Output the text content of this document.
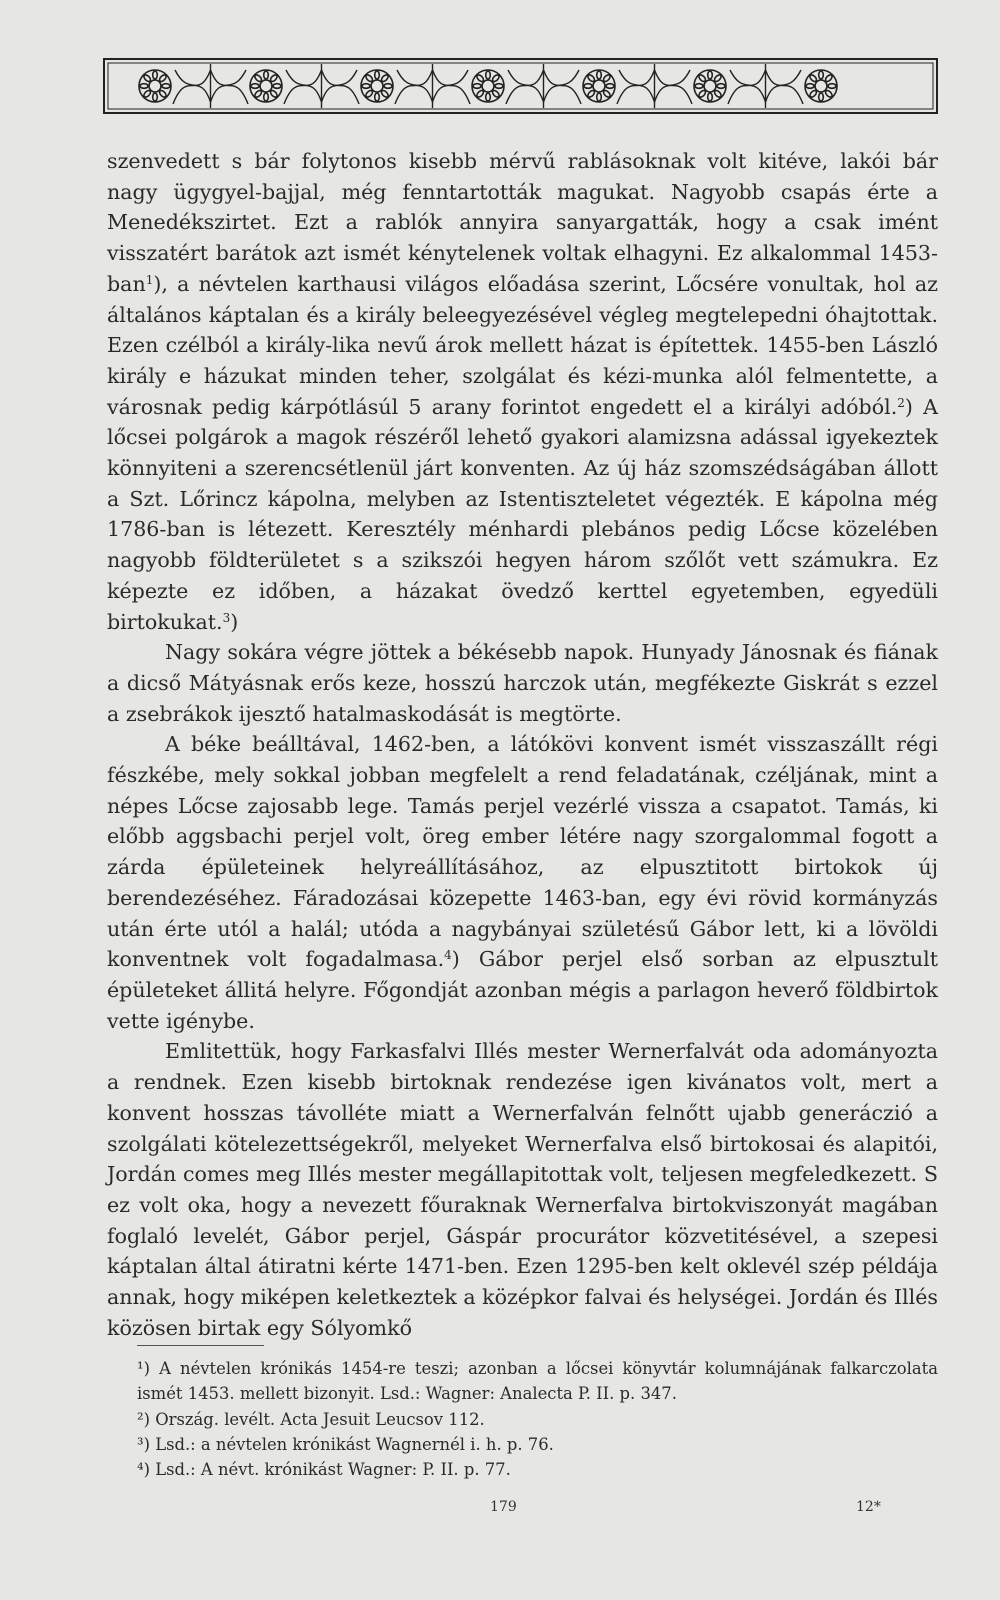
szenvedett s bár folytonos kisebb mérvű rablásoknak volt kitéve, lakói bár nagy ügygyel-bajjal, még fenntartották magukat. Nagyobb csapás érte a Menedékszirtet. Ezt a rablók annyira sanyargatták, hogy a csak imént visszatért barátok azt ismét kénytelenek voltak elhagyni. Ez alkalommal 1453-ban$^1$), a névtelen karthausi világos előadása szerint, Lőcsére vonultak, hol az általános káptalan és a király beleegyezésével végleg megtelepedni óhajtottak. Ezen czélból a király-lika nevű árok mellett házat is építettek. 1455-ben László király e házukat minden teher, szolgálat és kézi-munka alól felmentette, a városnak pedig kárpótlásúl 5 arany forintot engedett el a királyi adóból.$^2$) A lőcsei polgárok a magok részéről lehető gyakori alamizsna adással igyekeztek könnyiteni a szerencsétlenül járt konventen. Az új ház szomszédságában állott a Szt. Lőrincz kápolna, melyben az Istentiszteletet végezték. E kápolna még 1786-ban is létezett. Keresztély ménhardi plebános pedig Lőcse közelében nagyobb földterületet s a szikszói hegyen három szőlőt vett számukra. Ez képezte ez időben, a házakat övedző kerttel egyetemben, egyedüli birtokukat.$^3$)

Nagy sokára végre jöttek a békésebb napok. Hunyady Jánosnak és fiának a dicső Mátyásnak erős keze, hosszú harczok után, megfékezte Giskrát s ezzel a zsebrákok ijesztő hatalmaskodását is megtörte.

A béke beálltával, 1462-ben, a látókövi konvent ismét visszaszállt régi fészkébe, mely sokkal jobban megfelelt a rend feladatának, czéljának, mint a népes Lőcse zajosabb lege. Tamás perjel vezérlé vissza a csapatot. Tamás, ki előbb aggsbachi perjel volt, öreg ember létére nagy szorgalommal fogott a zárda épületeinek helyreállításához, az elpusztitott birtokok új berendezéséhez. Fáradozásai közepette 1463-ban, egy évi rövid kormányzás után érte utól a halál; utóda a nagybányai születésű Gábor lett, ki a lövöldi konventnek volt fogadalmasa.$^4$) Gábor perjel első sorban az elpusztult épületeket állitá helyre. Főgondját azonban mégis a parlagon heverő földbirtok vette igénybe.

Emlitettük, hogy Farkasfalvi Illés mester Wernerfalvát oda adományozta a rendnek. Ezen kisebb birtoknak rendezése igen kivánatos volt, mert a konvent hosszas távolléte miatt a Wernerfalván felnőtt ujabb generáczió a szolgálati kötelezettségekről, melyeket Wernerfalva első birtokosai és alapitói, Jordán comes meg Illés mester megállapitottak volt, teljesen megfeledkezett. S ez volt oka, hogy a nevezett főuraknak Wernerfalva birtokviszonyát magában foglaló levelét, Gábor perjel, Gáspár procurátor közvetitésével, a szepesi káptalan által átiratni kérte 1471-ben. Ezen 1295-ben kelt oklevél szép példája annak, hogy miképen keletkeztek a középkor falvai és helységei. Jordán és Illés közösen birtak egy Sólyomkő

¹) A névtelen krónikás 1454-re teszi; azonban a lőcsei könyvtár kolumnájának falkarczolata ismét 1453. mellett bizonyit. Lsd.: Wagner: Analecta P. II. p. 347.

²) Ország. levélt. Acta Jesuit Leucsov 112.

³) Lsd.: a névtelen krónikást Wagnernél i. h. p. 76.

⁴) Lsd.: A névt. krónikást Wagner: P. II. p. 77.

179	12*
